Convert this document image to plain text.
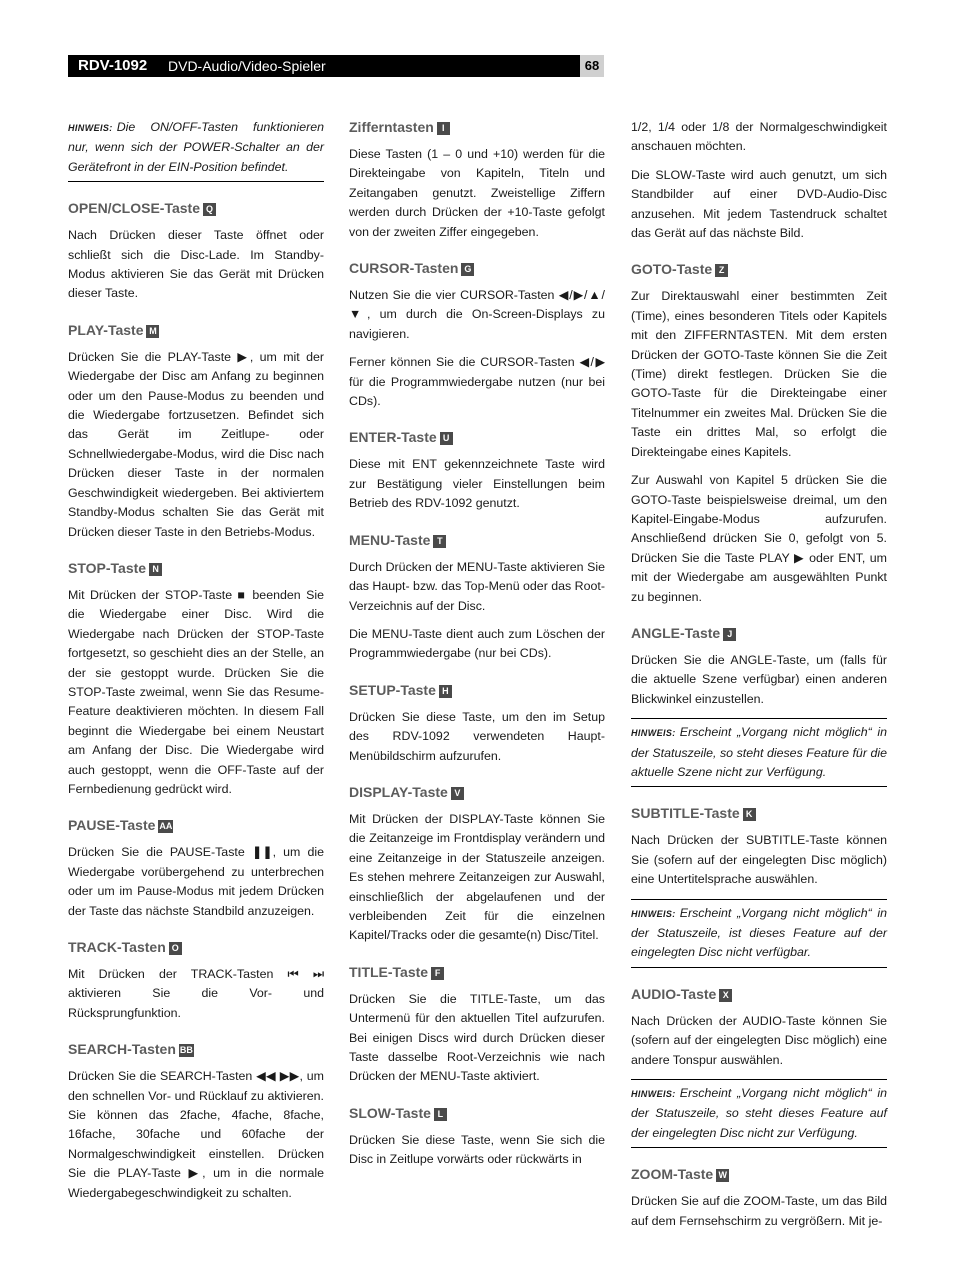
RDV-1092 DVD-Audio/Video-Spieler	68

HINWEIS: Die ON/OFF-Tasten funktionieren nur, wenn sich der POWER-Schalter an der Gerätefront in der EIN-Position befindet.

OPEN/CLOSE-Taste Q

Nach Drücken dieser Taste öffnet oder schließt sich die Disc-Lade. Im Standby-Modus aktivieren Sie das Gerät mit Drücken dieser Taste.

PLAY-Taste M

Drücken Sie die PLAY-Taste ▶, um mit der Wiedergabe der Disc am Anfang zu beginnen oder um den Pause-Modus zu beenden und die Wiedergabe fortzusetzen. Befindet sich das Gerät im Zeitlupe- oder Schnellwiedergabe-Modus, wird die Disc nach Drücken dieser Taste in der normalen Geschwindigkeit wiedergeben. Bei aktiviertem Standby-Modus schalten Sie das Gerät mit Drücken dieser Taste in den Betriebs-Modus.

STOP-Taste N

Mit Drücken der STOP-Taste ■ beenden Sie die Wiedergabe einer Disc. Wird die Wiedergabe nach Drücken der STOP-Taste fortgesetzt, so geschieht dies an der Stelle, an der sie gestoppt wurde. Drücken Sie die STOP-Taste zweimal, wenn Sie das Resume-Feature deaktivieren möchten. In diesem Fall beginnt die Wiedergabe bei einem Neustart am Anfang der Disc. Die Wiedergabe wird auch gestoppt, wenn die OFF-Taste auf der Fernbedienung gedrückt wird.

PAUSE-Taste AA

Drücken Sie die PAUSE-Taste ❚❚, um die Wiedergabe vorübergehend zu unterbrechen oder um im Pause-Modus mit jedem Drücken der Taste das nächste Standbild anzuzeigen.

TRACK-Tasten O

Mit Drücken der TRACK-Tasten ⏮ ⏭ aktivieren Sie die Vor- und Rücksprungfunktion.

SEARCH-Tasten BB

Drücken Sie die SEARCH-Tasten ◀◀ ▶▶, um den schnellen Vor- und Rücklauf zu aktivieren. Sie können das 2fache, 4fache, 8fache, 16fache, 30fache und 60fache der Normalgeschwindigkeit einstellen. Drücken Sie die PLAY-Taste ▶, um in die normale Wiedergabegeschwindigkeit zu schalten.

Zifferntasten I

Diese Tasten (1 – 0 und +10) werden für die Direkteingabe von Kapiteln, Titeln und Zeitangaben genutzt. Zweistellige Ziffern werden durch Drücken der +10-Taste gefolgt von der zweiten Ziffer eingegeben.

CURSOR-Tasten G

Nutzen Sie die vier CURSOR-Tasten ◀/▶/▲/▼, um durch die On-Screen-Displays zu navigieren.

Ferner können Sie die CURSOR-Tasten ◀/▶ für die Programmwiedergabe nutzen (nur bei CDs).

ENTER-Taste U

Diese mit ENT gekennzeichnete Taste wird zur Bestätigung vieler Einstellungen beim Betrieb des RDV-1092 genutzt.

MENU-Taste T

Durch Drücken der MENU-Taste aktivieren Sie das Haupt- bzw. das Top-Menü oder das Root-Verzeichnis auf der Disc.

Die MENU-Taste dient auch zum Löschen der Programmwiedergabe (nur bei CDs).

SETUP-Taste H

Drücken Sie diese Taste, um den im Setup des RDV-1092 verwendeten Haupt-Menübildschirm aufzurufen.

DISPLAY-Taste V

Mit Drücken der DISPLAY-Taste können Sie die Zeitanzeige im Frontdisplay verändern und eine Zeitanzeige in der Statuszeile anzeigen. Es stehen mehrere Zeitanzeigen zur Auswahl, einschließlich der abgelaufenen und der verbleibenden Zeit für die einzelnen Kapitel/Tracks oder die gesamte(n) Disc/Titel.

TITLE-Taste F

Drücken Sie die TITLE-Taste, um das Untermenü für den aktuellen Titel aufzurufen. Bei einigen Discs wird durch Drücken dieser Taste dasselbe Root-Verzeichnis wie nach Drücken der MENU-Taste aktiviert.

SLOW-Taste L

Drücken Sie diese Taste, wenn Sie sich die Disc in Zeitlupe vorwärts oder rückwärts in

1/2, 1/4 oder 1/8 der Normalgeschwindigkeit anschauen möchten.

Die SLOW-Taste wird auch genutzt, um sich Standbilder auf einer DVD-Audio-Disc anzusehen. Mit jedem Tastendruck schaltet das Gerät auf das nächste Bild.

GOTO-Taste Z

Zur Direktauswahl einer bestimmten Zeit (Time), eines besonderen Titels oder Kapitels mit den ZIFFERNTASTEN. Mit dem ersten Drücken der GOTO-Taste können Sie die Zeit (Time) direkt festlegen. Drücken Sie die GOTO-Taste für die Direkteingabe einer Titelnummer ein zweites Mal. Drücken Sie die Taste ein drittes Mal, so erfolgt die Direkteingabe eines Kapitels.

Zur Auswahl von Kapitel 5 drücken Sie die GOTO-Taste beispielsweise dreimal, um den Kapitel-Eingabe-Modus aufzurufen. Anschließend drücken Sie 0, gefolgt von 5. Drücken Sie die Taste PLAY ▶ oder ENT, um mit der Wiedergabe am ausgewählten Punkt zu beginnen.

ANGLE-Taste J

Drücken Sie die ANGLE-Taste, um (falls für die aktuelle Szene verfügbar) einen anderen Blickwinkel einzustellen.

HINWEIS: Erscheint „Vorgang nicht möglich“ in der Statuszeile, so steht dieses Feature für die aktuelle Szene nicht zur Verfügung.

SUBTITLE-Taste K

Nach Drücken der SUBTITLE-Taste können Sie (sofern auf der eingelegten Disc möglich) eine Untertitelsprache auswählen.

HINWEIS: Erscheint „Vorgang nicht möglich“ in der Statuszeile, ist dieses Feature auf der eingelegten Disc nicht verfügbar.

AUDIO-Taste X

Nach Drücken der AUDIO-Taste können Sie (sofern auf der eingelegten Disc möglich) eine andere Tonspur auswählen.

HINWEIS: Erscheint „Vorgang nicht möglich“ in der Statuszeile, so steht dieses Feature auf der eingelegten Disc nicht zur Verfügung.

ZOOM-Taste W

Drücken Sie auf die ZOOM-Taste, um das Bild auf dem Fernsehschirm zu vergrößern. Mit je-
